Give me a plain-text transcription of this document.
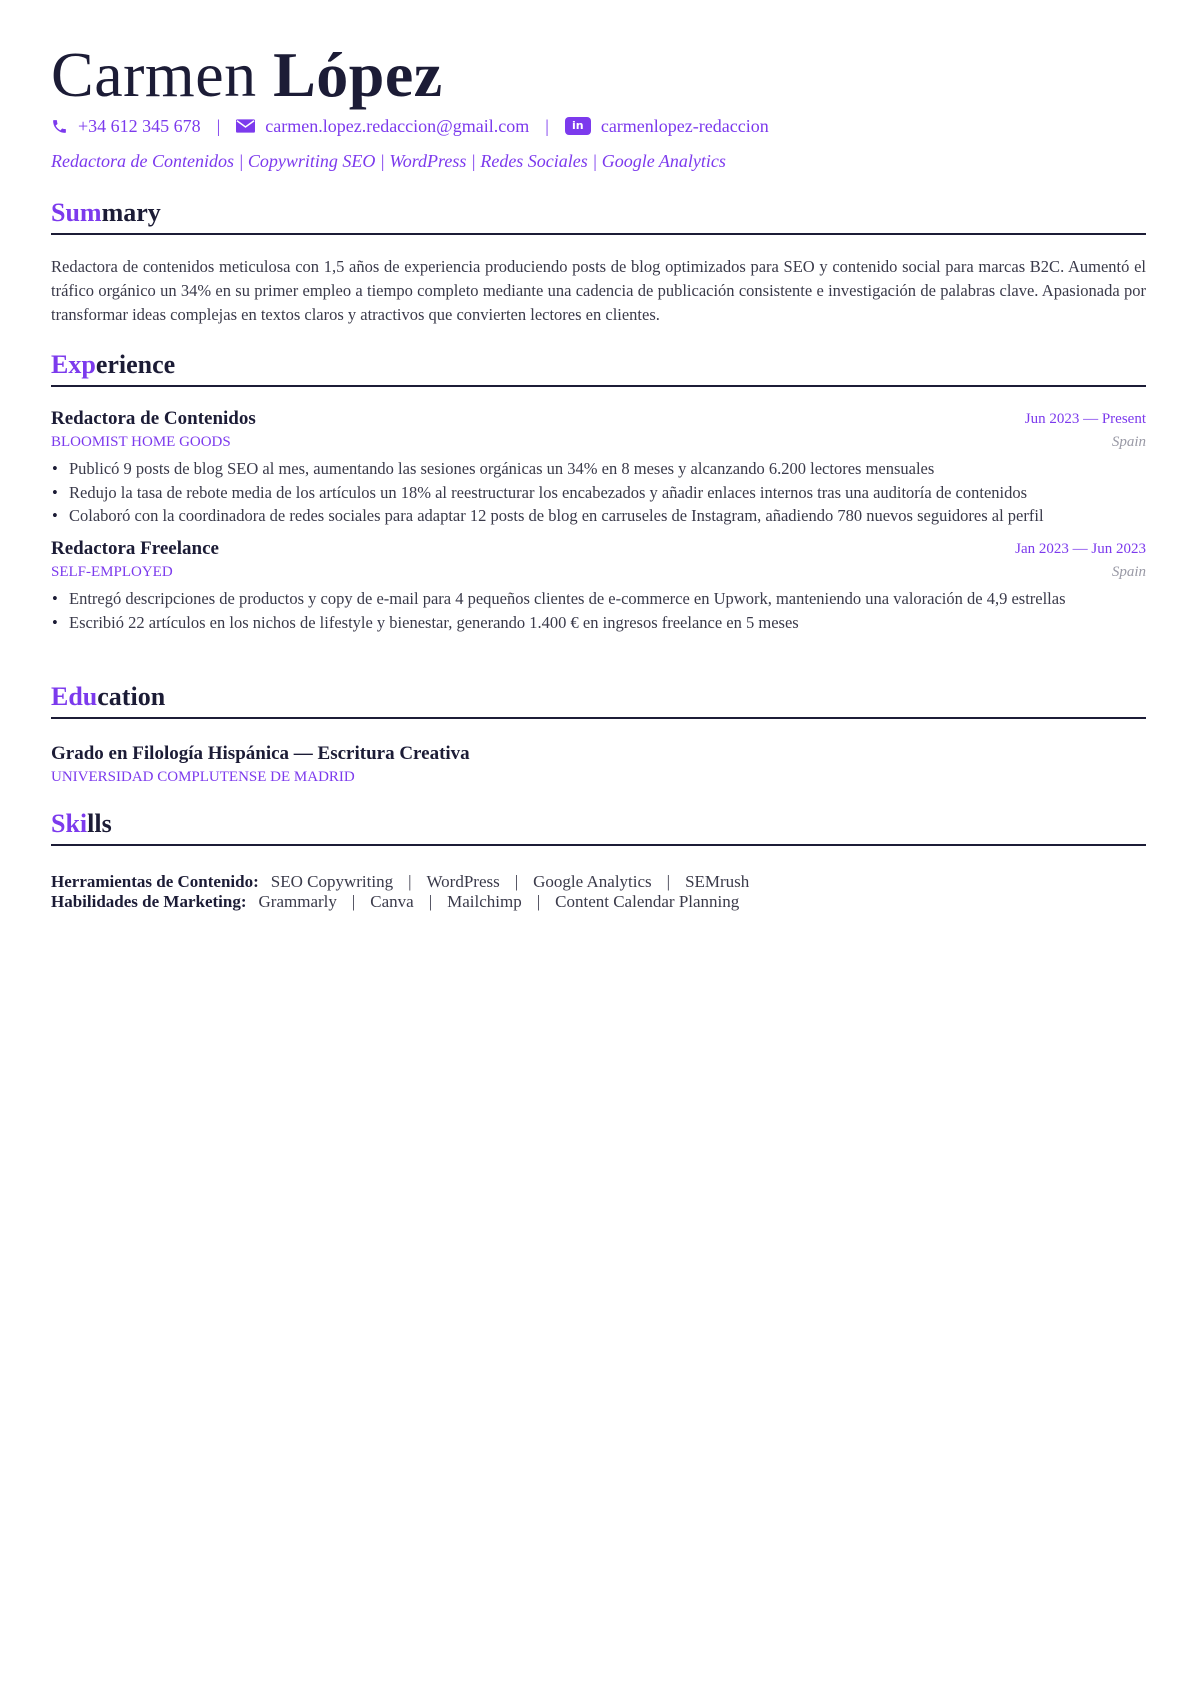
Carmen López
+34 612 345 678 |	carmen.lopez.redaccion@gmail.com |	in carmenlopez-redaccion
Redactora de Contenidos | Copywriting SEO | WordPress | Redes Sociales | Google Analytics
Summary

Redactora de contenidos meticulosa con 1,5 años de experiencia produciendo posts de blog optimizados para SEO y contenido social para marcas B2C. Aumentó el tráfico orgánico un 34% en su primer empleo a tiempo completo mediante una cadencia de publicación consistente e investigación de palabras clave. Apasionada por transformar ideas complejas en textos claros y atractivos que convierten lectores en clientes.

Experience
Redactora de Contenidos	Jun 2023 — Present
BLOOMIST HOME GOODS	Spain
• Publicó 9 posts de blog SEO al mes, aumentando las sesiones orgánicas un 34% en 8 meses y alcanzando 6.200 lectores mensuales
• Redujo la tasa de rebote media de los artículos un 18% al reestructurar los encabezados y añadir enlaces internos tras una auditoría de contenidos
• Colaboró con la coordinadora de redes sociales para adaptar 12 posts de blog en carruseles de Instagram, añadiendo 780 nuevos seguidores al perfil
Redactora Freelance	Jan 2023 — Jun 2023
SELF-EMPLOYED	Spain
• Entregó descripciones de productos y copy de e-mail para 4 pequeños clientes de e-commerce en Upwork, manteniendo una valoración de 4,9 estrellas
• Escribió 22 artículos en los nichos de lifestyle y bienestar, generando 1.400 € en ingresos freelance en 5 meses
Education
Grado en Filología Hispánica — Escritura Creativa
UNIVERSIDAD COMPLUTENSE DE MADRID
Skills
Herramientas de Contenido: SEO Copywriting | WordPress | Google Analytics | SEMrush
Habilidades de Marketing: Grammarly | Canva | Mailchimp | Content Calendar Planning
